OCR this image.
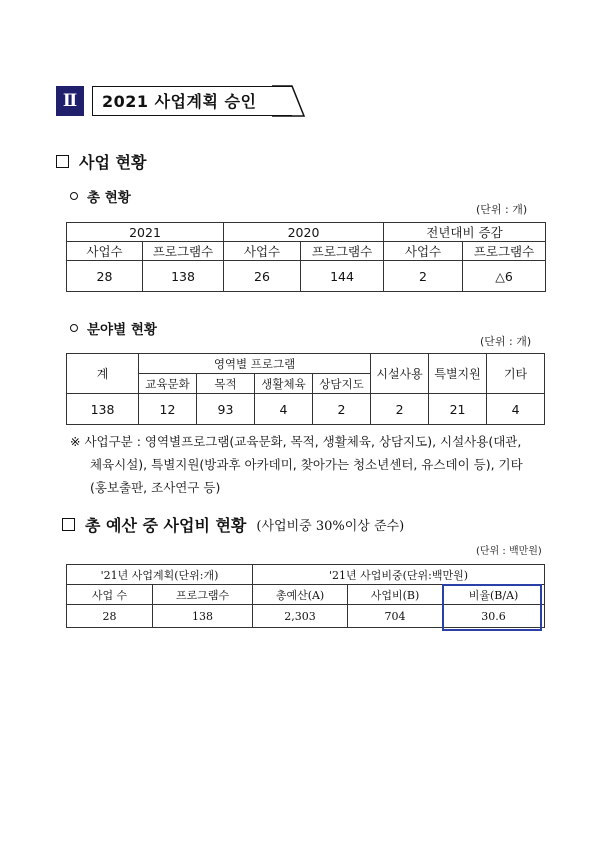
Ⅱ	2021 사업계획 승인
사업 현황
총 현황
(단위 : 개)
2021		2020		전년대비 증감	
사업수	프로그램수	사업수	프로그램수	사업수	프로그램수
28	138	26	144	2	△6
분야별 현황
(단위 : 개)
계	영역별 프로그램				시설사용	특별지원	기타
	교육문화	목적	생활체육	상담지도			
138	12	93	4	2	2	21	4
※ 사업구분 : 영역별프로그램(교육문화, 목적, 생활체육, 상담지도), 시설사용(대관,
체육시설), 특별지원(방과후 아카데미, 찾아가는 청소년센터, 유스데이 등), 기타
(홍보출판, 조사연구 등)
총 예산 중 사업비 현황 (사업비중 30%이상 준수)
(단위 : 백만원)
'21년 사업계획(단위:개)		'21년 사업비중(단위:백만원)		
사업 수	프로그램수	총예산(A)	사업비(B)	비율(B/A)
28	138	2,303	704	30.6
